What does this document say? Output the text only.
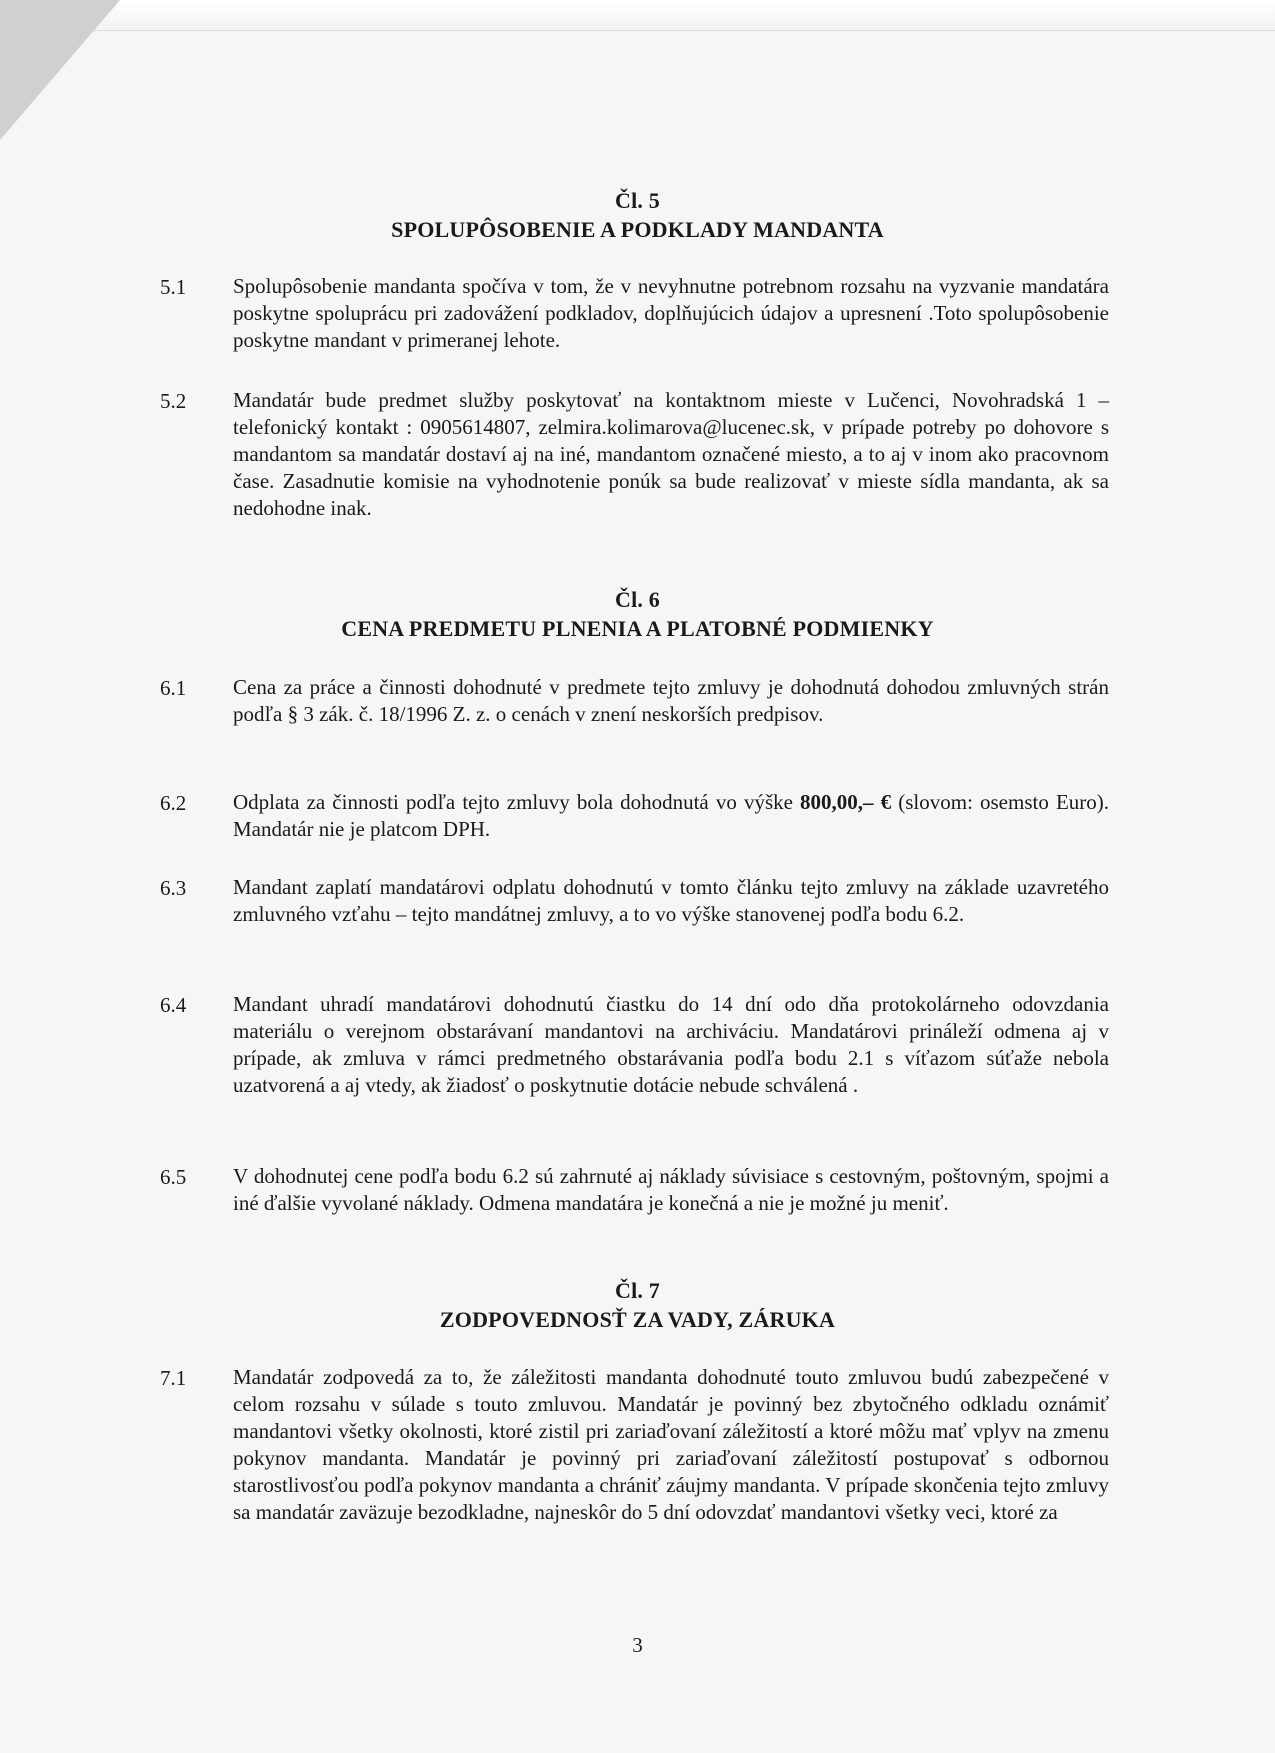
Čl. 5
SPOLUPÔSOBENIE A PODKLADY MANDANTA
5.1	Spolupôsobenie mandanta spočíva v tom, že v nevyhnutne potrebnom rozsahu na vyzvanie mandatára poskytne spoluprácu pri zadovážení podkladov, doplňujúcich údajov a upresnení .Toto spolupôsobenie poskytne mandant v primeranej lehote.
5.2	Mandatár bude predmet služby poskytovať na kontaktnom mieste v Lučenci, Novohradská 1 – telefonický kontakt : 0905614807, zelmira.kolimarova@lucenec.sk, v prípade potreby po dohovore s mandantom sa mandatár dostaví aj na iné, mandantom označené miesto, a to aj v inom ako pracovnom čase. Zasadnutie komisie na vyhodnotenie ponúk sa bude realizovať v mieste sídla mandanta, ak sa nedohodne inak.
Čl. 6
CENA PREDMETU PLNENIA A PLATOBNÉ PODMIENKY
6.1	Cena za práce a činnosti dohodnuté v predmete tejto zmluvy je dohodnutá dohodou zmluvných strán podľa § 3 zák. č. 18/1996 Z. z. o cenách v znení neskorších predpisov.
6.2	Odplata za činnosti podľa tejto zmluvy bola dohodnutá vo výške 800,00,– € (slovom: osemsto Euro). Mandatár nie je platcom DPH.
6.3	Mandant zaplatí mandatárovi odplatu dohodnutú v tomto článku tejto zmluvy na základe uzavretého zmluvného vzťahu – tejto mandátnej zmluvy, a to vo výške stanovenej podľa bodu 6.2.
6.4	Mandant uhradí mandatárovi dohodnutú čiastku do 14 dní odo dňa protokolárneho odovzdania materiálu o verejnom obstarávaní mandantovi na archiváciu. Mandatárovi prináleží odmena aj v prípade, ak zmluva v rámci predmetného obstarávania podľa bodu 2.1 s víťazom súťaže nebola uzatvorená a aj vtedy, ak žiadosť o poskytnutie dotácie nebude schválená .
6.5	V dohodnutej cene podľa bodu 6.2 sú zahrnuté aj náklady súvisiace s cestovným, poštovným, spojmi a iné ďalšie vyvolané náklady. Odmena mandatára je konečná a nie je možné ju meniť.
Čl. 7
ZODPOVEDNOSŤ ZA VADY, ZÁRUKA
7.1	Mandatár zodpovedá za to, že záležitosti mandanta dohodnuté touto zmluvou budú zabezpečené v celom rozsahu v súlade s touto zmluvou. Mandatár je povinný bez zbytočného odkladu oznámiť mandantovi všetky okolnosti, ktoré zistil pri zariaďovaní záležitostí a ktoré môžu mať vplyv na zmenu pokynov mandanta. Mandatár je povinný pri zariaďovaní záležitostí postupovať s odbornou starostlivosťou podľa pokynov mandanta a chrániť záujmy mandanta. V prípade skončenia tejto zmluvy sa mandatár zaväzuje bezodkladne, najneskôr do 5 dní odovzdať mandantovi všetky veci, ktoré za
3
